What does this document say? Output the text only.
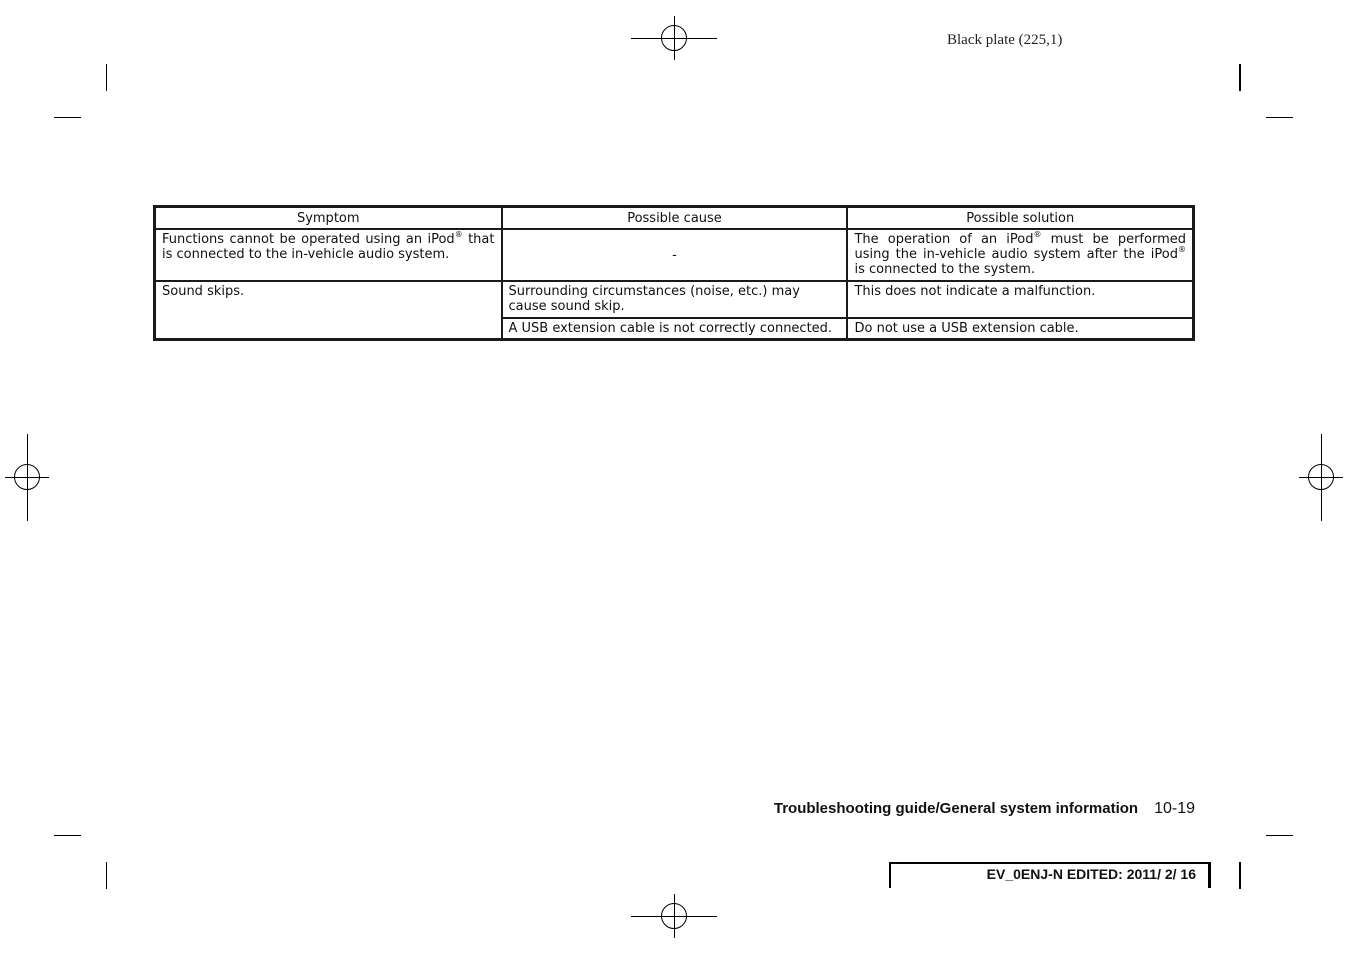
Black plate (225,1)
Symptom	Possible cause	Possible solution
Functions cannot be operated using an iPod® that is connected to the in-vehicle audio system.	-	The operation of an iPod® must be performed using the in-vehicle audio system after the iPod® is connected to the system.
Sound skips.	Surrounding circumstances (noise, etc.) may cause sound skip.	This does not indicate a malfunction.
	A USB extension cable is not correctly connected.	Do not use a USB extension cable.
Troubleshooting guide/General system information 10-19
EV_0ENJ-N EDITED: 2011/ 2/ 16
